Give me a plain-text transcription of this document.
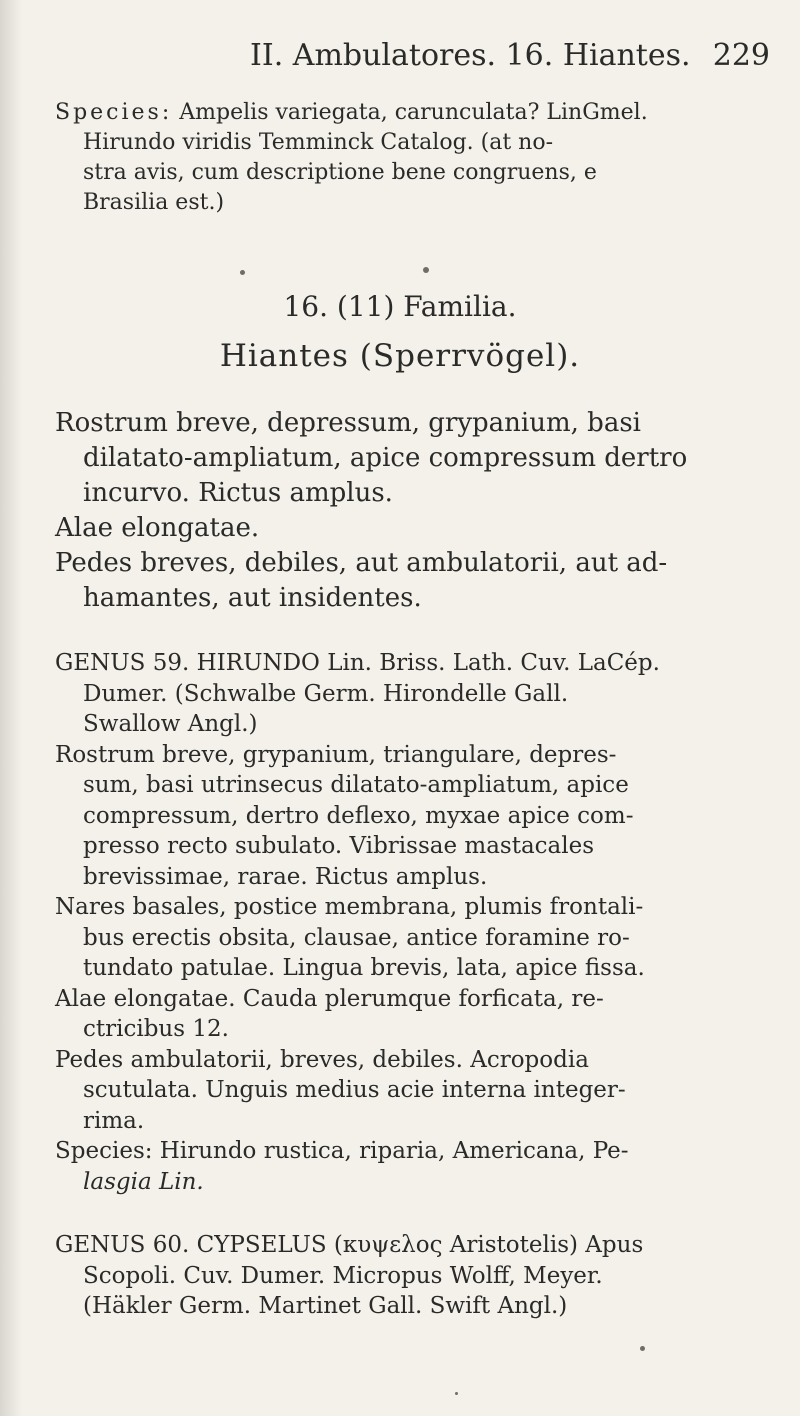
II. Ambulatores. 16. Hiantes. 229
Species: Ampelis variegata, carunculata? LinGmel.
Hirundo viridis Temminck Catalog. (at no-
stra avis, cum descriptione bene congruens, e
Brasilia est.)
16. (11) Familia.
Hiantes (Sperrvögel).
Rostrum breve, depressum, grypanium, basi
dilatato-ampliatum, apice compressum dertro
incurvo. Rictus amplus.
Alae elongatae.
Pedes breves, debiles, aut ambulatorii, aut ad-
hamantes, aut insidentes.
GENUS 59. HIRUNDO Lin. Briss. Lath. Cuv. LaCép.
Dumer. (Schwalbe Germ. Hirondelle Gall.
Swallow Angl.)
Rostrum breve, grypanium, triangulare, depres-
sum, basi utrinsecus dilatato-ampliatum, apice
compressum, dertro deflexo, myxae apice com-
presso recto subulato. Vibrissae mastacales
brevissimae, rarae. Rictus amplus.
Nares basales, postice membrana, plumis frontali-
bus erectis obsita, clausae, antice foramine ro-
tundato patulae. Lingua brevis, lata, apice fissa.
Alae elongatae. Cauda plerumque forficata, re-
ctricibus 12.
Pedes ambulatorii, breves, debiles. Acropodia
scutulata. Unguis medius acie interna integer-
rima.
Species: Hirundo rustica, riparia, Americana, Pe-
lasgia Lin.
GENUS 60. CYPSELUS (κυψελος Aristotelis) Apus
Scopoli. Cuv. Dumer. Micropus Wolff, Meyer.
(Häkler Germ. Martinet Gall. Swift Angl.)
